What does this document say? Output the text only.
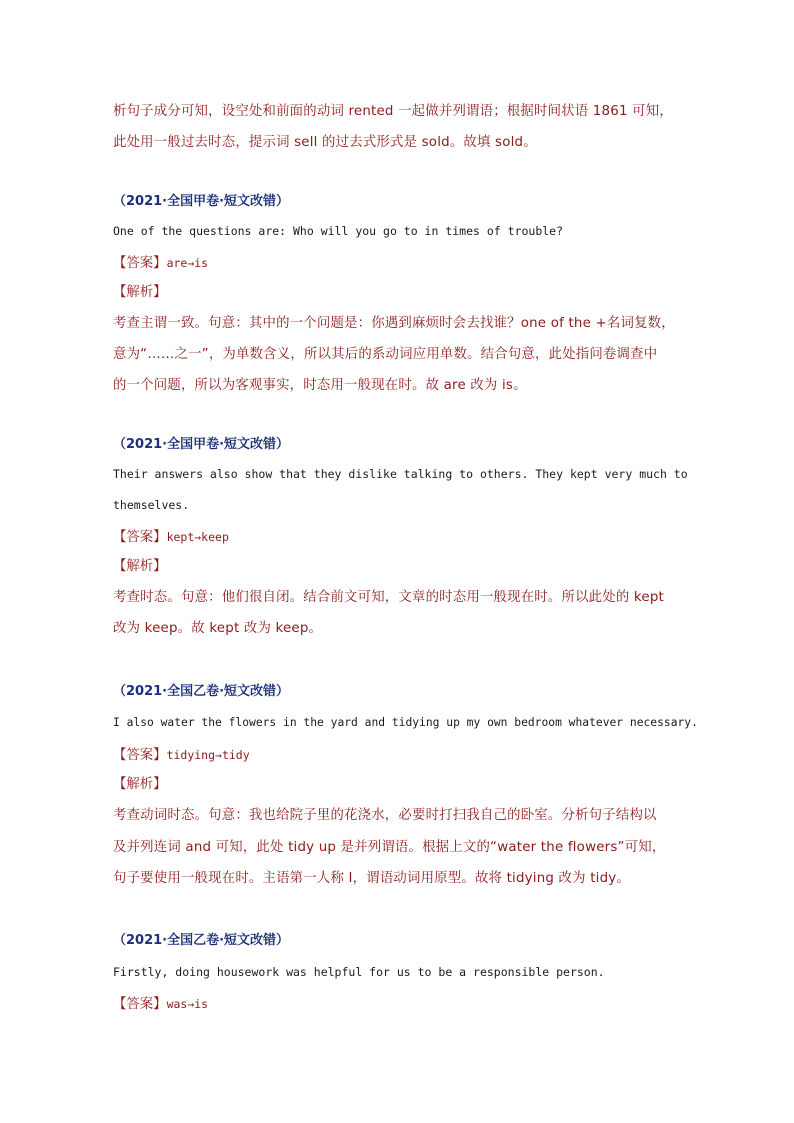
析句子成分可知，设空处和前面的动词 rented 一起做并列谓语；根据时间状语 1861 可知，
此处用一般过去时态，提示词 sell 的过去式形式是 sold。故填 sold。
（2021·全国甲卷·短文改错）
One of the questions are: Who will you go to in times of trouble?
【答案】are→is
【解析】
考查主谓一致。句意：其中的一个问题是：你遇到麻烦时会去找谁？one of the +名词复数，
意为“……之一”，为单数含义，所以其后的系动词应用单数。结合句意，此处指问卷调查中
的一个问题，所以为客观事实，时态用一般现在时。故 are 改为 is。
（2021·全国甲卷·短文改错）
Their answers also show that they dislike talking to others. They kept very much to
themselves.
【答案】kept→keep
【解析】
考查时态。句意：他们很自闭。结合前文可知，文章的时态用一般现在时。所以此处的 kept
改为 keep。故 kept 改为 keep。
（2021·全国乙卷·短文改错）
I also water the flowers in the yard and tidying up my own bedroom whatever necessary.
【答案】tidying→tidy
【解析】
考查动词时态。句意：我也给院子里的花浇水，必要时打扫我自己的卧室。分析句子结构以
及并列连词 and 可知，此处 tidy up 是并列谓语。根据上文的“water the flowers”可知，
句子要使用一般现在时。主语第一人称 I，谓语动词用原型。故将 tidying 改为 tidy。
（2021·全国乙卷·短文改错）
Firstly, doing housework was helpful for us to be a responsible person.
【答案】was→is
